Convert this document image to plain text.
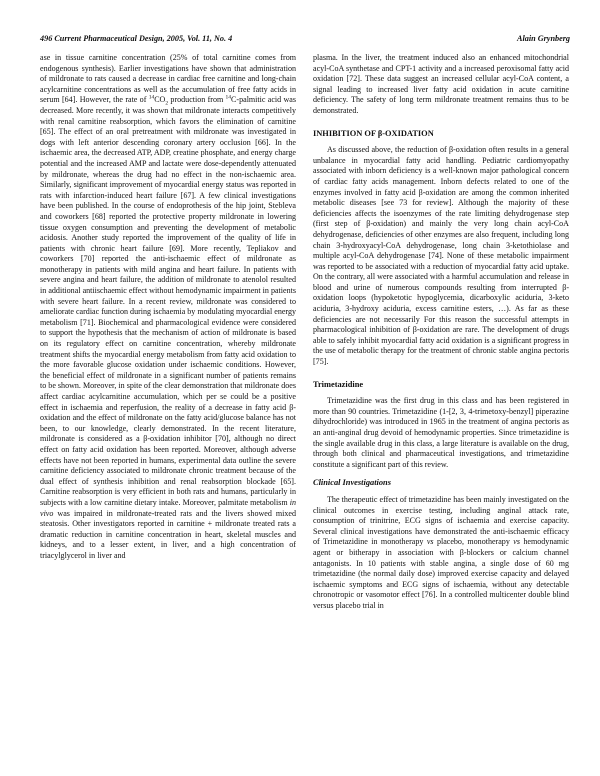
496 Current Pharmaceutical Design, 2005, Vol. 11, No. 4	Alain Grynberg

ase in tissue carnitine concentration (25% of total carnitine comes from endogenous synthesis). Earlier investigations have shown that administration of mildronate to rats caused a decrease in cardiac free carnitine and long-chain acylcarnitine concentrations as well as the accumulation of free fatty acids in serum [64]. However, the rate of $^{14}CO_2$ production from $^{14}$C-palmitic acid was decreased. More recently, it was shown that mildronate interacts competitively with renal carnitine reabsorption, which favors the elimination of carnitine [65]. The effect of an oral pretreatment with mildronate was investigated in dogs with left anterior descending coronary artery occlusion [66]. In the ischaemic area, the decreased ATP, ADP, creatine phosphate, and energy charge potential and the increased AMP and lactate were dose-dependently attenuated by mildronate, whereas the drug had no effect in the non-ischaemic area. Similarly, significant improvement of myocardial energy status was reported in rats with infarction-induced heart failure [67]. A few clinical investigations have been published. In the course of endoprothesis of the hip joint, Stebleva and coworkers [68] reported the protective property mildronate in lowering tissue oxygen consumption and preventing the development of metabolic acidosis. Another study reported the improvement of the quality of life in patients with chronic heart failure [69]. More recently, Tepliakov and coworkers [70] reported the anti-ischaemic effect of mildronate as monotherapy in patients with mild angina and heart failure. In patients with severe angina and heart failure, the addition of mildronate to atenolol resulted in additional antiischaemic effect without hemodynamic impairment in patients with severe heart failure. In a recent review, mildronate was considered to ameliorate cardiac function during ischaemia by modulating myocardial energy metabolism [71]. Biochemical and pharmacological evidence were considered to support the hypothesis that the mechanism of action of mildronate is based on its regulatory effect on carnitine concentration, whereby mildronate treatment shifts the myocardial energy metabolism from fatty acid oxidation to the more favorable glucose oxidation under ischaemic conditions. However, the beneficial effect of mildronate in a significant number of patients remains to be shown. Moreover, in spite of the clear demonstration that mildronate does affect cardiac acylcarnitine accumulation, which per se could be a positive effect in ischaemia and reperfusion, the reality of a decrease in fatty acid β-oxidation and the effect of mildronate on the fatty acid/glucose balance has not been, to our knowledge, clearly demonstrated. In the recent literature, mildronate is considered as a β-oxidation inhibitor [70], although no direct effect on fatty acid oxidation has been reported. Moreover, although adverse effects have not been reported in humans, experimental data outline the severe carnitine deficiency associated to mildronate chronic treatment because of the dual effect of synthesis inhibition and renal reabsorption blockade [65]. Carnitine reabsorption is very efficient in both rats and humans, particularly in subjects with a low carnitine dietary intake. Moreover, palmitate metabolism in vivo was impaired in mildronate-treated rats and the livers showed mixed steatosis. Other investigators reported in carnitine + mildronate treated rats a dramatic reduction in carnitine concentration in heart, skeletal muscles and kidneys, and to a lesser extent, in liver, and a high concentration of triacylglycerol in liver and

plasma. In the liver, the treatment induced also an enhanced mitochondrial acyl-CoA synthetase and CPT-1 activity and a increased peroxisomal fatty acid oxidation [72]. These data suggest an increased cellular acyl-CoA content, a signal leading to increased liver fatty acid oxidation in acute carnitine deficiency. The safety of long term mildronate treatment remains thus to be demonstrated.

INHIBITION OF β-OXIDATION

As discussed above, the reduction of β-oxidation often results in a general unbalance in myocardial fatty acid handling. Pediatric cardiomyopathy associated with inborn deficiency is a well-known major pathological concern of cardiac fatty acids management. Inborn defects related to one of the enzymes involved in fatty acid β-oxidation are among the common inherited metabolic diseases [see 73 for review]. Although the majority of these deficiencies affects the isoenzymes of the rate limiting dehydrogenase step (first step of β-oxidation) and mainly the very long chain acyl-CoA dehydrogenase, deficiencies of other enzymes are also frequent, including long chain 3-hydroxyacyl-CoA dehydrogenase, long chain 3-ketothiolase and multiple acyl-CoA dehydrogenase [74]. None of these metabolic impairment was reported to be associated with a reduction of myocardial fatty acid uptake. On the contrary, all were associated with a harmful accumulation and release in blood and urine of numerous compounds resulting from interrupted β-oxidation loops (hypoketotic hypoglycemia, dicarboxylic aciduria, 3-keto aciduria, 3-hydroxy aciduria, excess carnitine esters, …). As far as these deficiencies are not necessarily For this reason the successful attempts in pharmacological inhibition of β-oxidation are rare. The development of drugs able to safely inhibit myocardial fatty acid oxidation is a significant progress in the use of metabolic therapy for the treatment of chronic stable angina pectoris [75].

Trimetazidine

Trimetazidine was the first drug in this class and has been registered in more than 90 countries. Trimetazidine (1-[2, 3, 4-trimetoxy-benzyl] piperazine dihydrochloride) was introduced in 1965 in the treatment of angina pectoris as an anti-anginal drug devoid of hemodynamic properties. Since trimetazidine is the single available drug in this class, a large literature is available on the drug, through both clinical and pharmaceutical investigations, and trimetazidine constitute a significant part of this review.

Clinical Investigations

The therapeutic effect of trimetazidine has been mainly investigated on the clinical outcomes in exercise testing, including anginal attack rate, consumption of trinitrine, ECG signs of ischaemia and exercise capacity. Several clinical investigations have demonstrated the anti-ischaemic efficacy of Trimetazidine in monotherapy vs placebo, monotherapy vs hemodynamic agent or bitherapy in association with β-blockers or calcium channel antagonists. In 10 patients with stable angina, a single dose of 60 mg trimetazidine (the normal daily dose) improved exercise capacity and delayed ischaemic symptoms and ECG signs of ischaemia, without any detectable chronotropic or vasomotor effect [76]. In a controlled multicenter double blind versus placebo trial in
